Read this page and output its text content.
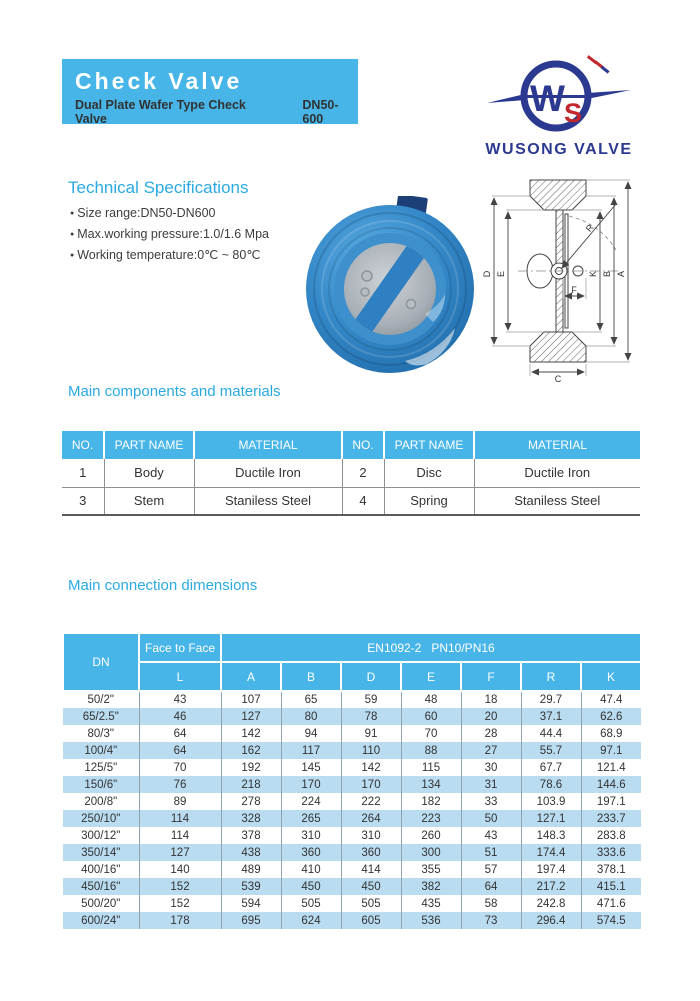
Check Valve
Dual Plate Wafer Type Check Valve
DN50-600	W S
WUSONG VALVE
Technical Specifications
● Size range:DN50-DN600
● Max.working pressure:1.0/1.6 Mpa
● Working temperature:0℃ ~ 80℃
D E
R
F
K B A
C
Main components and materials
NO.	PART NAME	MATERIAL	NO.	PART NAME	MATERIAL
1	Body	Ductile Iron	2	Disc	Ductile Iron
3	Stem	Staniless Steel	4	Spring	Staniless Steel
Main connection dimensions
DN	Face to Face	EN1092-2   PN10/PN16						
	L	A	B	D	E	F	R	K
50/2"	43	107	65	59	48	18	29.7	47.4
65/2.5"	46	127	80	78	60	20	37.1	62.6
80/3"	64	142	94	91	70	28	44.4	68.9
100/4"	64	162	117	110	88	27	55.7	97.1
125/5"	70	192	145	142	115	30	67.7	121.4
150/6"	76	218	170	170	134	31	78.6	144.6
200/8"	89	278	224	222	182	33	103.9	197.1
250/10"	114	328	265	264	223	50	127.1	233.7
300/12"	114	378	310	310	260	43	148.3	283.8
350/14"	127	438	360	360	300	51	174.4	333.6
400/16"	140	489	410	414	355	57	197.4	378.1
450/16"	152	539	450	450	382	64	217.2	415.1
500/20"	152	594	505	505	435	58	242.8	471.6
600/24"	178	695	624	605	536	73	296.4	574.5
